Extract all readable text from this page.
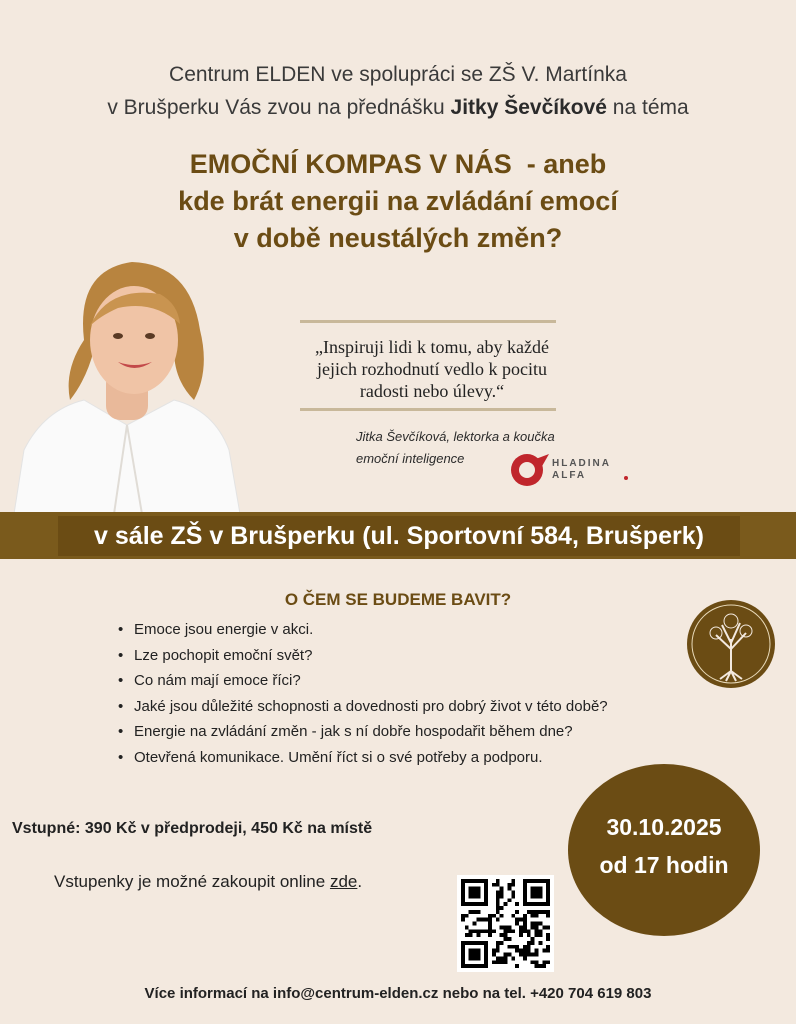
Centrum ELDEN ve spolupráci se ZŠ V. Martínka
v Brušperku Vás zvou na přednášku Jitky Ševčíkové na téma
EMOČNÍ KOMPAS V NÁS  - aneb
kde brát energii na zvládání emocí
v době neustálých změn?
„Inspiruji lidi k tomu, aby každé
jejich rozhodnutí vedlo k pocitu
radosti nebo úlevy.“
Jitka Ševčíková, lektorka a koučka
emoční inteligence	HLADINA
ALFA
v sále ZŠ v Brušperku (ul. Sportovní 584, Brušperk)
O ČEM SE BUDEME BAVIT?
• Emoce jsou energie v akci.
• Lze pochopit emoční svět?
• Co nám mají emoce říci?
• Jaké jsou důležité schopnosti a dovednosti pro dobrý život v této době?
• Energie na zvládání změn - jak s ní dobře hospodařit během dne?
• Otevřená komunikace. Umění říct si o své potřeby a podporu.
Vstupné: 390 Kč v předprodeji, 450 Kč na místě
Vstupenky je možné zakoupit online zde.
30.10.2025
od 17 hodin
Více informací na info@centrum-elden.cz nebo na tel. +420 704 619 803
